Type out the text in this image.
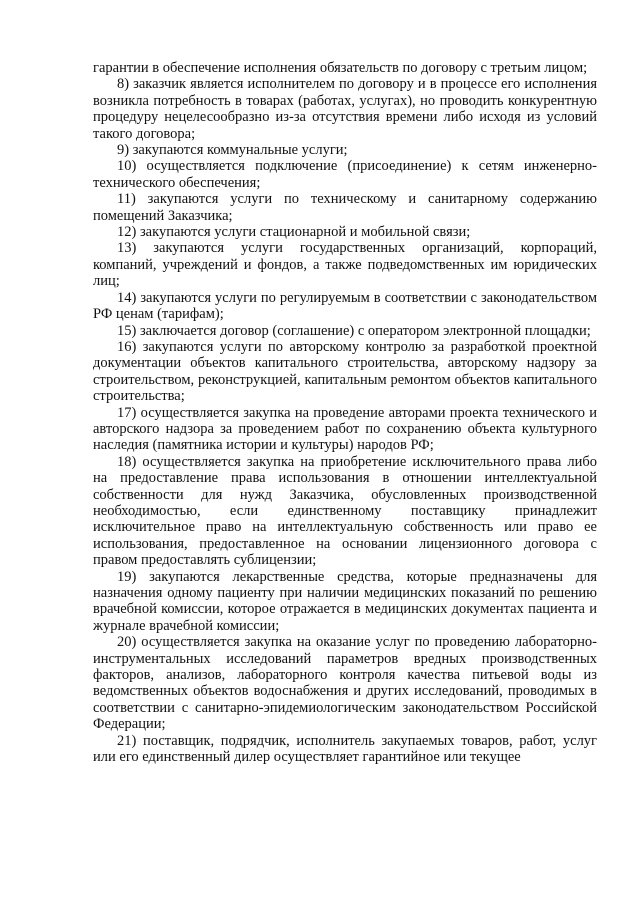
гарантии в обеспечение исполнения обязательств по договору с третьим лицом;

8) заказчик является исполнителем по договору и в процессе его исполнения возникла потребность в товарах (работах, услугах), но проводить конкурентную процедуру нецелесообразно из-за отсутствия времени либо исходя из условий такого договора;

9) закупаются коммунальные услуги;

10) осуществляется подключение (присоединение) к сетям инженерно-технического обеспечения;

11) закупаются услуги по техническому и санитарному содержанию помещений Заказчика;

12) закупаются услуги стационарной и мобильной связи;

13) закупаются услуги государственных организаций, корпораций, компаний, учреждений и фондов, а также подведомственных им юридических лиц;

14) закупаются услуги по регулируемым в соответствии с законодательством РФ ценам (тарифам);

15) заключается договор (соглашение) с оператором электронной площадки;

16) закупаются услуги по авторскому контролю за разработкой проектной документации объектов капитального строительства, авторскому надзору за строительством, реконструкцией, капитальным ремонтом объектов капитального строительства;

17) осуществляется закупка на проведение авторами проекта технического и авторского надзора за проведением работ по сохранению объекта культурного наследия (памятника истории и культуры) народов РФ;

18) осуществляется закупка на приобретение исключительного права либо на предоставление права использования в отношении интеллектуальной собственности для нужд Заказчика, обусловленных производственной необходимостью, если единственному поставщику принадлежит исключительное право на интеллектуальную собственность или право ее использования, предоставленное на основании лицензионного договора с правом предоставлять сублицензии;

19) закупаются лекарственные средства, которые предназначены для назначения одному пациенту при наличии медицинских показаний по решению врачебной комиссии, которое отражается в медицинских документах пациента и журнале врачебной комиссии;

20) осуществляется закупка на оказание услуг по проведению лабораторно-инструментальных исследований параметров вредных производственных факторов, анализов, лабораторного контроля качества питьевой воды из ведомственных объектов водоснабжения и других исследований, проводимых в соответствии с санитарно-эпидемиологическим законодательством Российской Федерации;

21) поставщик, подрядчик, исполнитель закупаемых товаров, работ, услуг или его единственный дилер осуществляет гарантийное или текущее
